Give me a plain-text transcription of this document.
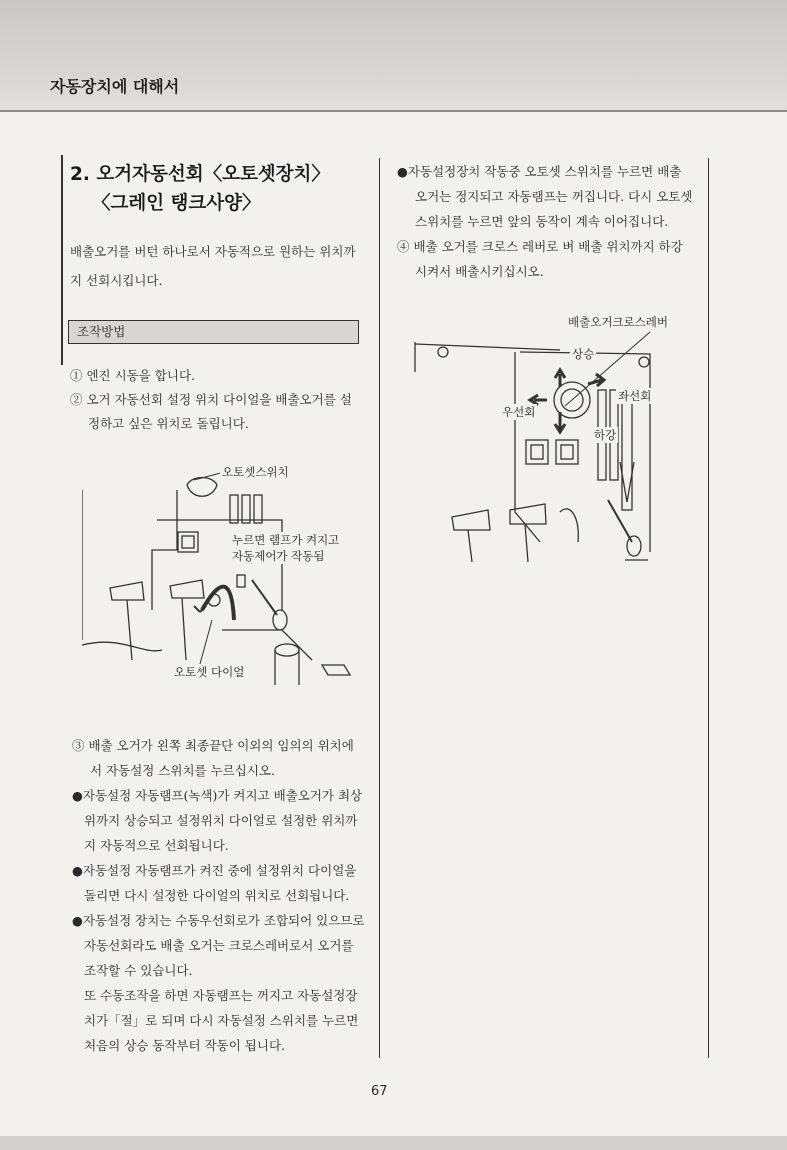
자동장치에 대해서
2. 오거자동선회〈오토셋장치〉
〈그레인 탱크사양〉

배출오거를 버턴 하나로서 자동적으로 원하는 위치까

지 선회시킵니다.

조작방법

① 엔진 시동을 합니다.

② 오거 자동선회 설정 위치 다이얼을 배출오거를 설

정하고 싶은 위치로 돌립니다.

오토셋스위치
누르면 램프가 켜지고
자동제어가 작동됨
오토셋 다이얼

③ 배출 오거가 왼쪽 최종끝단 이외의 임의의 위치에

서 자동설정 스위치를 누르십시오.

●자동설정 자동램프(녹색)가 켜지고 배출오거가 최상

위까지 상승되고 설정위치 다이얼로 설정한 위치까

지 자동적으로 선회됩니다.

●자동설정 자동램프가 켜진 중에 설정위치 다이얼을

돌리면 다시 설정한 다이얼의 위치로 선회됩니다.

●자동설정 장치는 수동우선회로가 조합되어 있으므로

자동선회라도 배출 오거는 크로스레버로서 오거를

조작할 수 있습니다.

또 수동조작을 하면 자동램프는 꺼지고 자동설정장

치가「절」로 되며 다시 자동설정 스위치를 누르면

처음의 상승 동작부터 작동이 됩니다.

●자동설정장치 작동중 오토셋 스위치를 누르면 배출

오거는 정지되고 자동램프는 꺼집니다. 다시 오토셋

스위치를 누르면 앞의 동작이 계속 이어집니다.

④ 배출 오거를 크로스 레버로 벼 배출 위치까지 하강

시켜서 배출시키십시오.

배출오거크로스레버
상승
우선회
좌선회
하강
67
